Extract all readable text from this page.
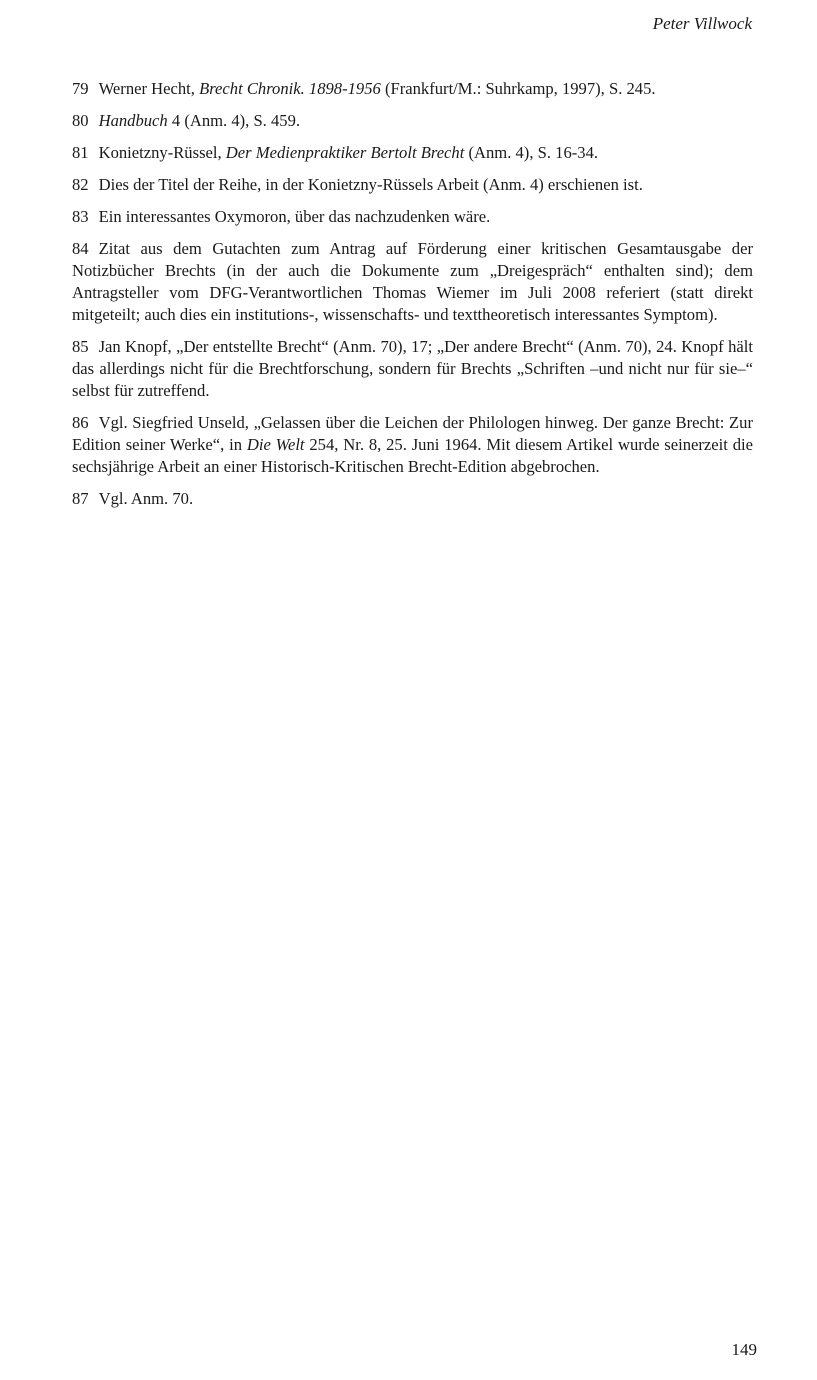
Peter Villwock

79 Werner Hecht, Brecht Chronik. 1898-1956 (Frankfurt/M.: Suhrkamp, 1997), S. 245.

80 Handbuch 4 (Anm. 4), S. 459.

81 Konietzny-Rüssel, Der Medienpraktiker Bertolt Brecht (Anm. 4), S. 16-34.

82 Dies der Titel der Reihe, in der Konietzny-Rüssels Arbeit (Anm. 4) erschienen ist.

83 Ein interessantes Oxymoron, über das nachzudenken wäre.

84 Zitat aus dem Gutachten zum Antrag auf Förderung einer kritischen Gesamtausgabe der Notizbücher Brechts (in der auch die Dokumente zum „Dreigespräch“ enthalten sind); dem Antragsteller vom DFG-Verantwortlichen Thomas Wiemer im Juli 2008 referiert (statt direkt mitgeteilt; auch dies ein institutions-, wissenschafts- und texttheoretisch interessantes Symptom).

85 Jan Knopf, „Der entstellte Brecht“ (Anm. 70), 17; „Der andere Brecht“ (Anm. 70), 24. Knopf hält das allerdings nicht für die Brechtforschung, sondern für Brechts „Schriften –und nicht nur für sie–“ selbst für zutreffend.

86 Vgl. Siegfried Unseld, „Gelassen über die Leichen der Philologen hinweg. Der ganze Brecht: Zur Edition seiner Werke“, in Die Welt 254, Nr. 8, 25. Juni 1964. Mit diesem Artikel wurde seinerzeit die sechsjährige Arbeit an einer Historisch-Kritischen Brecht-Edition abgebrochen.

87 Vgl. Anm. 70.

149
